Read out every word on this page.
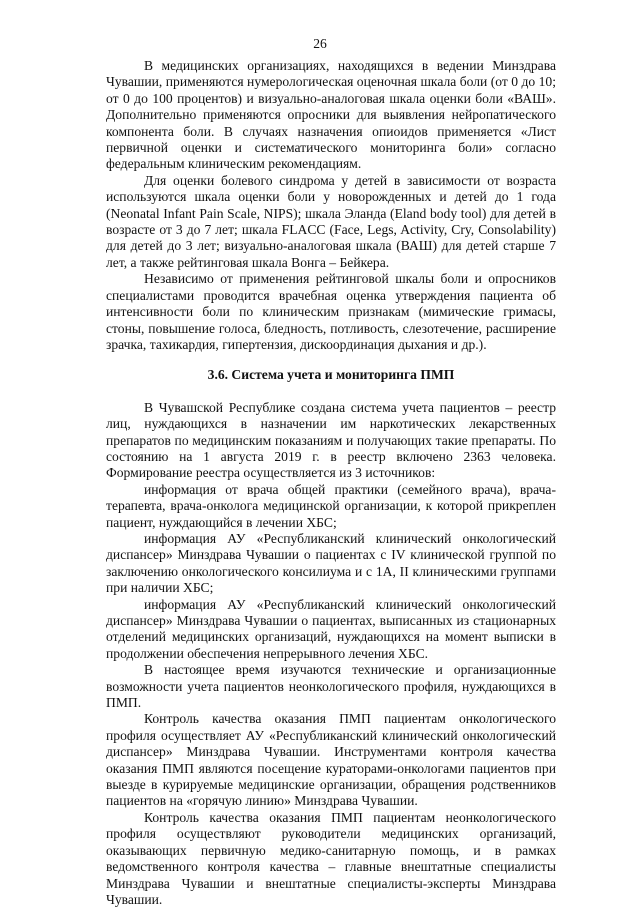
26

В медицинских организациях, находящихся в ведении Минздрава Чувашии, применяются нумерологическая оценочная шкала боли (от 0 до 10; от 0 до 100 процентов) и визуально-аналоговая шкала оценки боли «ВАШ». Дополнительно применяются опросники для выявления нейропатического компонента боли. В случаях назначения опиоидов применяется «Лист первичной оценки и систематического мониторинга боли» согласно федеральным клиническим рекомендациям.

Для оценки болевого синдрома у детей в зависимости от возраста используются шкала оценки боли у новорожденных и детей до 1 года (Neonatal Infant Pain Scale, NIPS); шкала Эланда (Eland body tool) для детей в возрасте от 3 до 7 лет; шкала FLACC (Face, Legs, Activity, Cry, Consolability) для детей до 3 лет; визуально-аналоговая шкала (ВАШ) для детей старше 7 лет, а также рейтинговая шкала Вонга – Бейкера.

Независимо от применения рейтинговой шкалы боли и опросников специалистами проводится врачебная оценка утверждения пациента об интенсивности боли по клиническим признакам (мимические гримасы, стоны, повышение голоса, бледность, потливость, слезотечение, расширение зрачка, тахикардия, гипертензия, дискоординация дыхания и др.).

3.6. Система учета и мониторинга ПМП

В Чувашской Республике создана система учета пациентов – реестр лиц, нуждающихся в назначении им наркотических лекарственных препаратов по медицинским показаниям и получающих такие препараты. По состоянию на 1 августа 2019 г. в реестр включено 2363 человека. Формирование реестра осуществляется из 3 источников:

информация от врача общей практики (семейного врача), врача-терапевта, врача-онколога медицинской организации, к которой прикреплен пациент, нуждающийся в лечении ХБС;

информация АУ «Республиканский клинический онкологический диспансер» Минздрава Чувашии о пациентах с IV клинической группой по заключению онкологического консилиума и с 1А, II клиническими группами при наличии ХБС;

информация АУ «Республиканский клинический онкологический диспансер» Минздрава Чувашии о пациентах, выписанных из стационарных отделений медицинских организаций, нуждающихся на момент выписки в продолжении обеспечения непрерывного лечения ХБС.

В настоящее время изучаются технические и организационные возможности учета пациентов неонкологического профиля, нуждающихся в ПМП.

Контроль качества оказания ПМП пациентам онкологического профиля осуществляет АУ «Республиканский клинический онкологический диспансер» Минздрава Чувашии. Инструментами контроля качества оказания ПМП являются посещение кураторами-онкологами пациентов при выезде в курируемые медицинские организации, обращения родственников пациентов на «горячую линию» Минздрава Чувашии.

Контроль качества оказания ПМП пациентам неонкологического профиля осуществляют руководители медицинских организаций, оказывающих первичную медико-санитарную помощь, и в рамках ведомственного контроля качества – главные внештатные специалисты Минздрава Чувашии и внештатные специалисты-эксперты Минздрава Чувашии.
